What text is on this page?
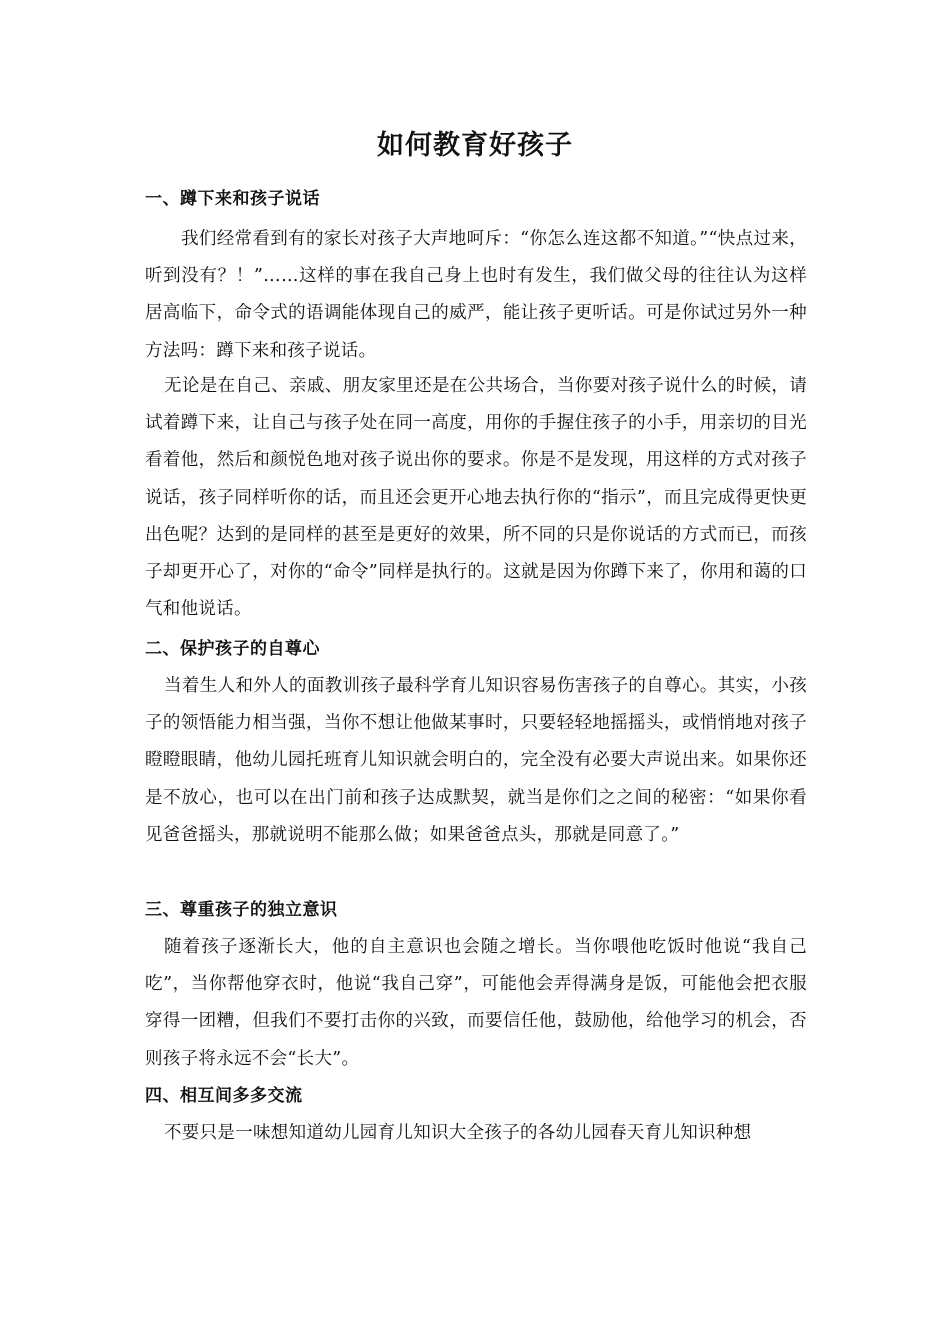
如何教育好孩子
一、蹲下来和孩子说话
我们经常看到有的家长对孩子大声地呵斥：“你怎么连这都不知道。”“快点过来，听到没有？！”……这样的事在我自己身上也时有发生，我们做父母的往往认为这样居高临下，命令式的语调能体现自己的威严，能让孩子更听话。可是你试过另外一种方法吗：蹲下来和孩子说话。
无论是在自己、亲戚、朋友家里还是在公共场合，当你要对孩子说什么的时候，请试着蹲下来，让自己与孩子处在同一高度，用你的手握住孩子的小手，用亲切的目光看着他，然后和颜悦色地对孩子说出你的要求。你是不是发现，用这样的方式对孩子说话，孩子同样听你的话，而且还会更开心地去执行你的“指示”，而且完成得更快更出色呢？达到的是同样的甚至是更好的效果，所不同的只是你说话的方式而已，而孩子却更开心了，对你的“命令”同样是执行的。这就是因为你蹲下来了，你用和蔼的口气和他说话。
二、保护孩子的自尊心
当着生人和外人的面教训孩子最科学育儿知识容易伤害孩子的自尊心。其实，小孩子的领悟能力相当强，当你不想让他做某事时，只要轻轻地摇摇头，或悄悄地对孩子瞪瞪眼睛，他幼儿园托班育儿知识就会明白的，完全没有必要大声说出来。如果你还是不放心，也可以在出门前和孩子达成默契，就当是你们之之间的秘密：“如果你看见爸爸摇头，那就说明不能那么做；如果爸爸点头，那就是同意了。”
三、尊重孩子的独立意识
随着孩子逐渐长大，他的自主意识也会随之增长。当你喂他吃饭时他说“我自己吃”，当你帮他穿衣时，他说“我自己穿”，可能他会弄得满身是饭，可能他会把衣服穿得一团糟，但我们不要打击你的兴致，而要信任他，鼓励他，给他学习的机会，否则孩子将永远不会“长大”。
四、相互间多多交流
不要只是一味想知道幼儿园育儿知识大全孩子的各幼儿园春天育儿知识种想
